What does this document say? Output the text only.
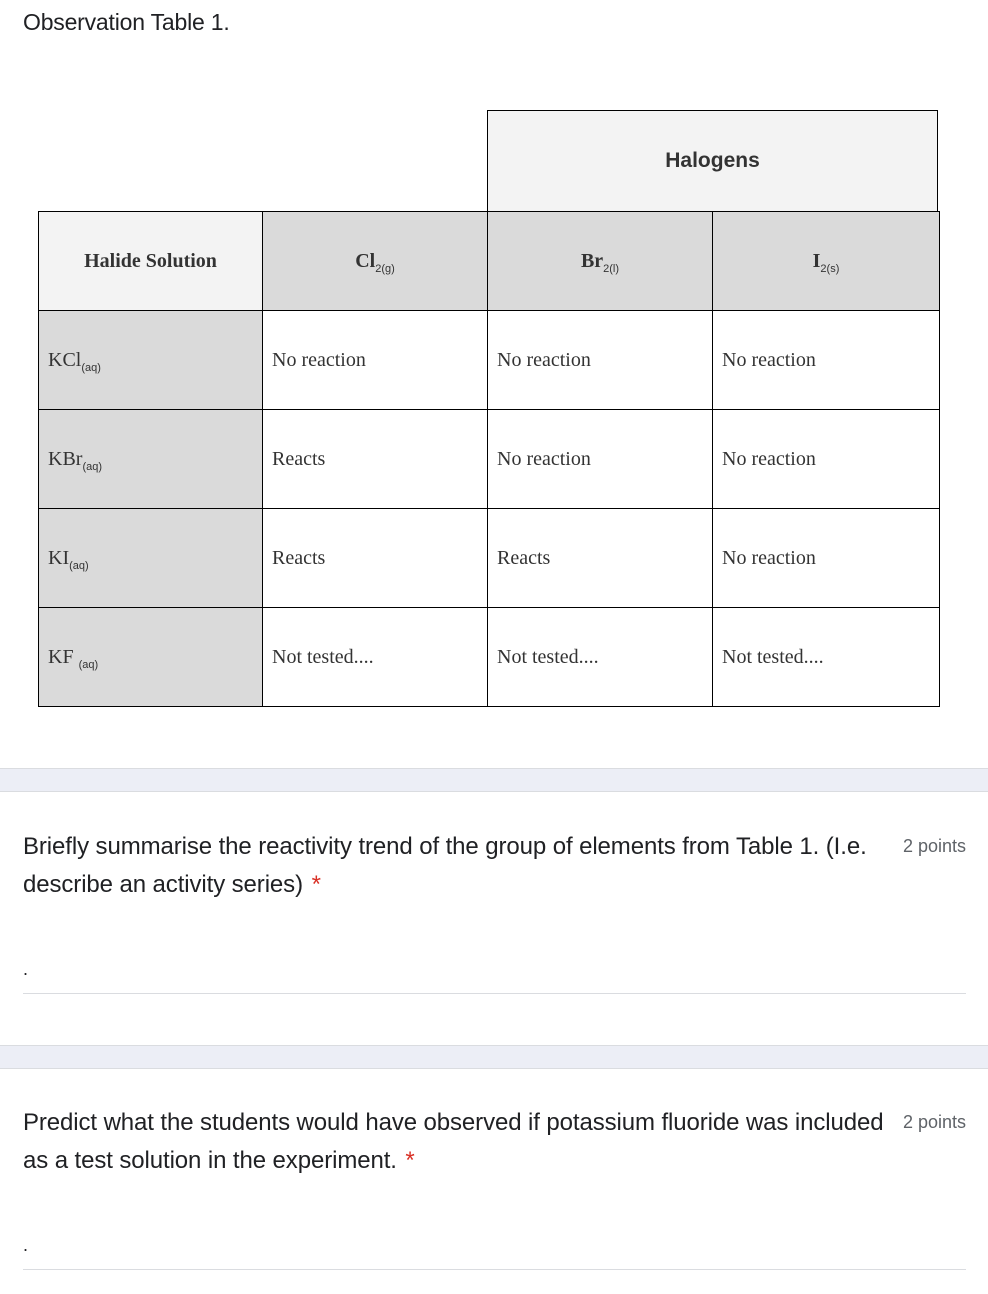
Observation Table 1.
Halogens
Halide Solution	$Cl_{2(g)}$	$Br_{2(l)}$	$I_{2(s)}$
KCl$_{(aq)}$	No reaction	No reaction	No reaction
KBr$_{(aq)}$	Reacts	No reaction	No reaction
$KI_{(aq)}$	Reacts	Reacts	No reaction
KF $_{(aq)}$	Not tested....	Not tested....	Not tested....
Briefly summarise the reactivity trend of the group of elements from Table 1. (I.e. describe an activity series) *
2 points
.
Predict what the students would have observed if potassium fluoride was included as a test solution in the experiment. *
2 points
.
